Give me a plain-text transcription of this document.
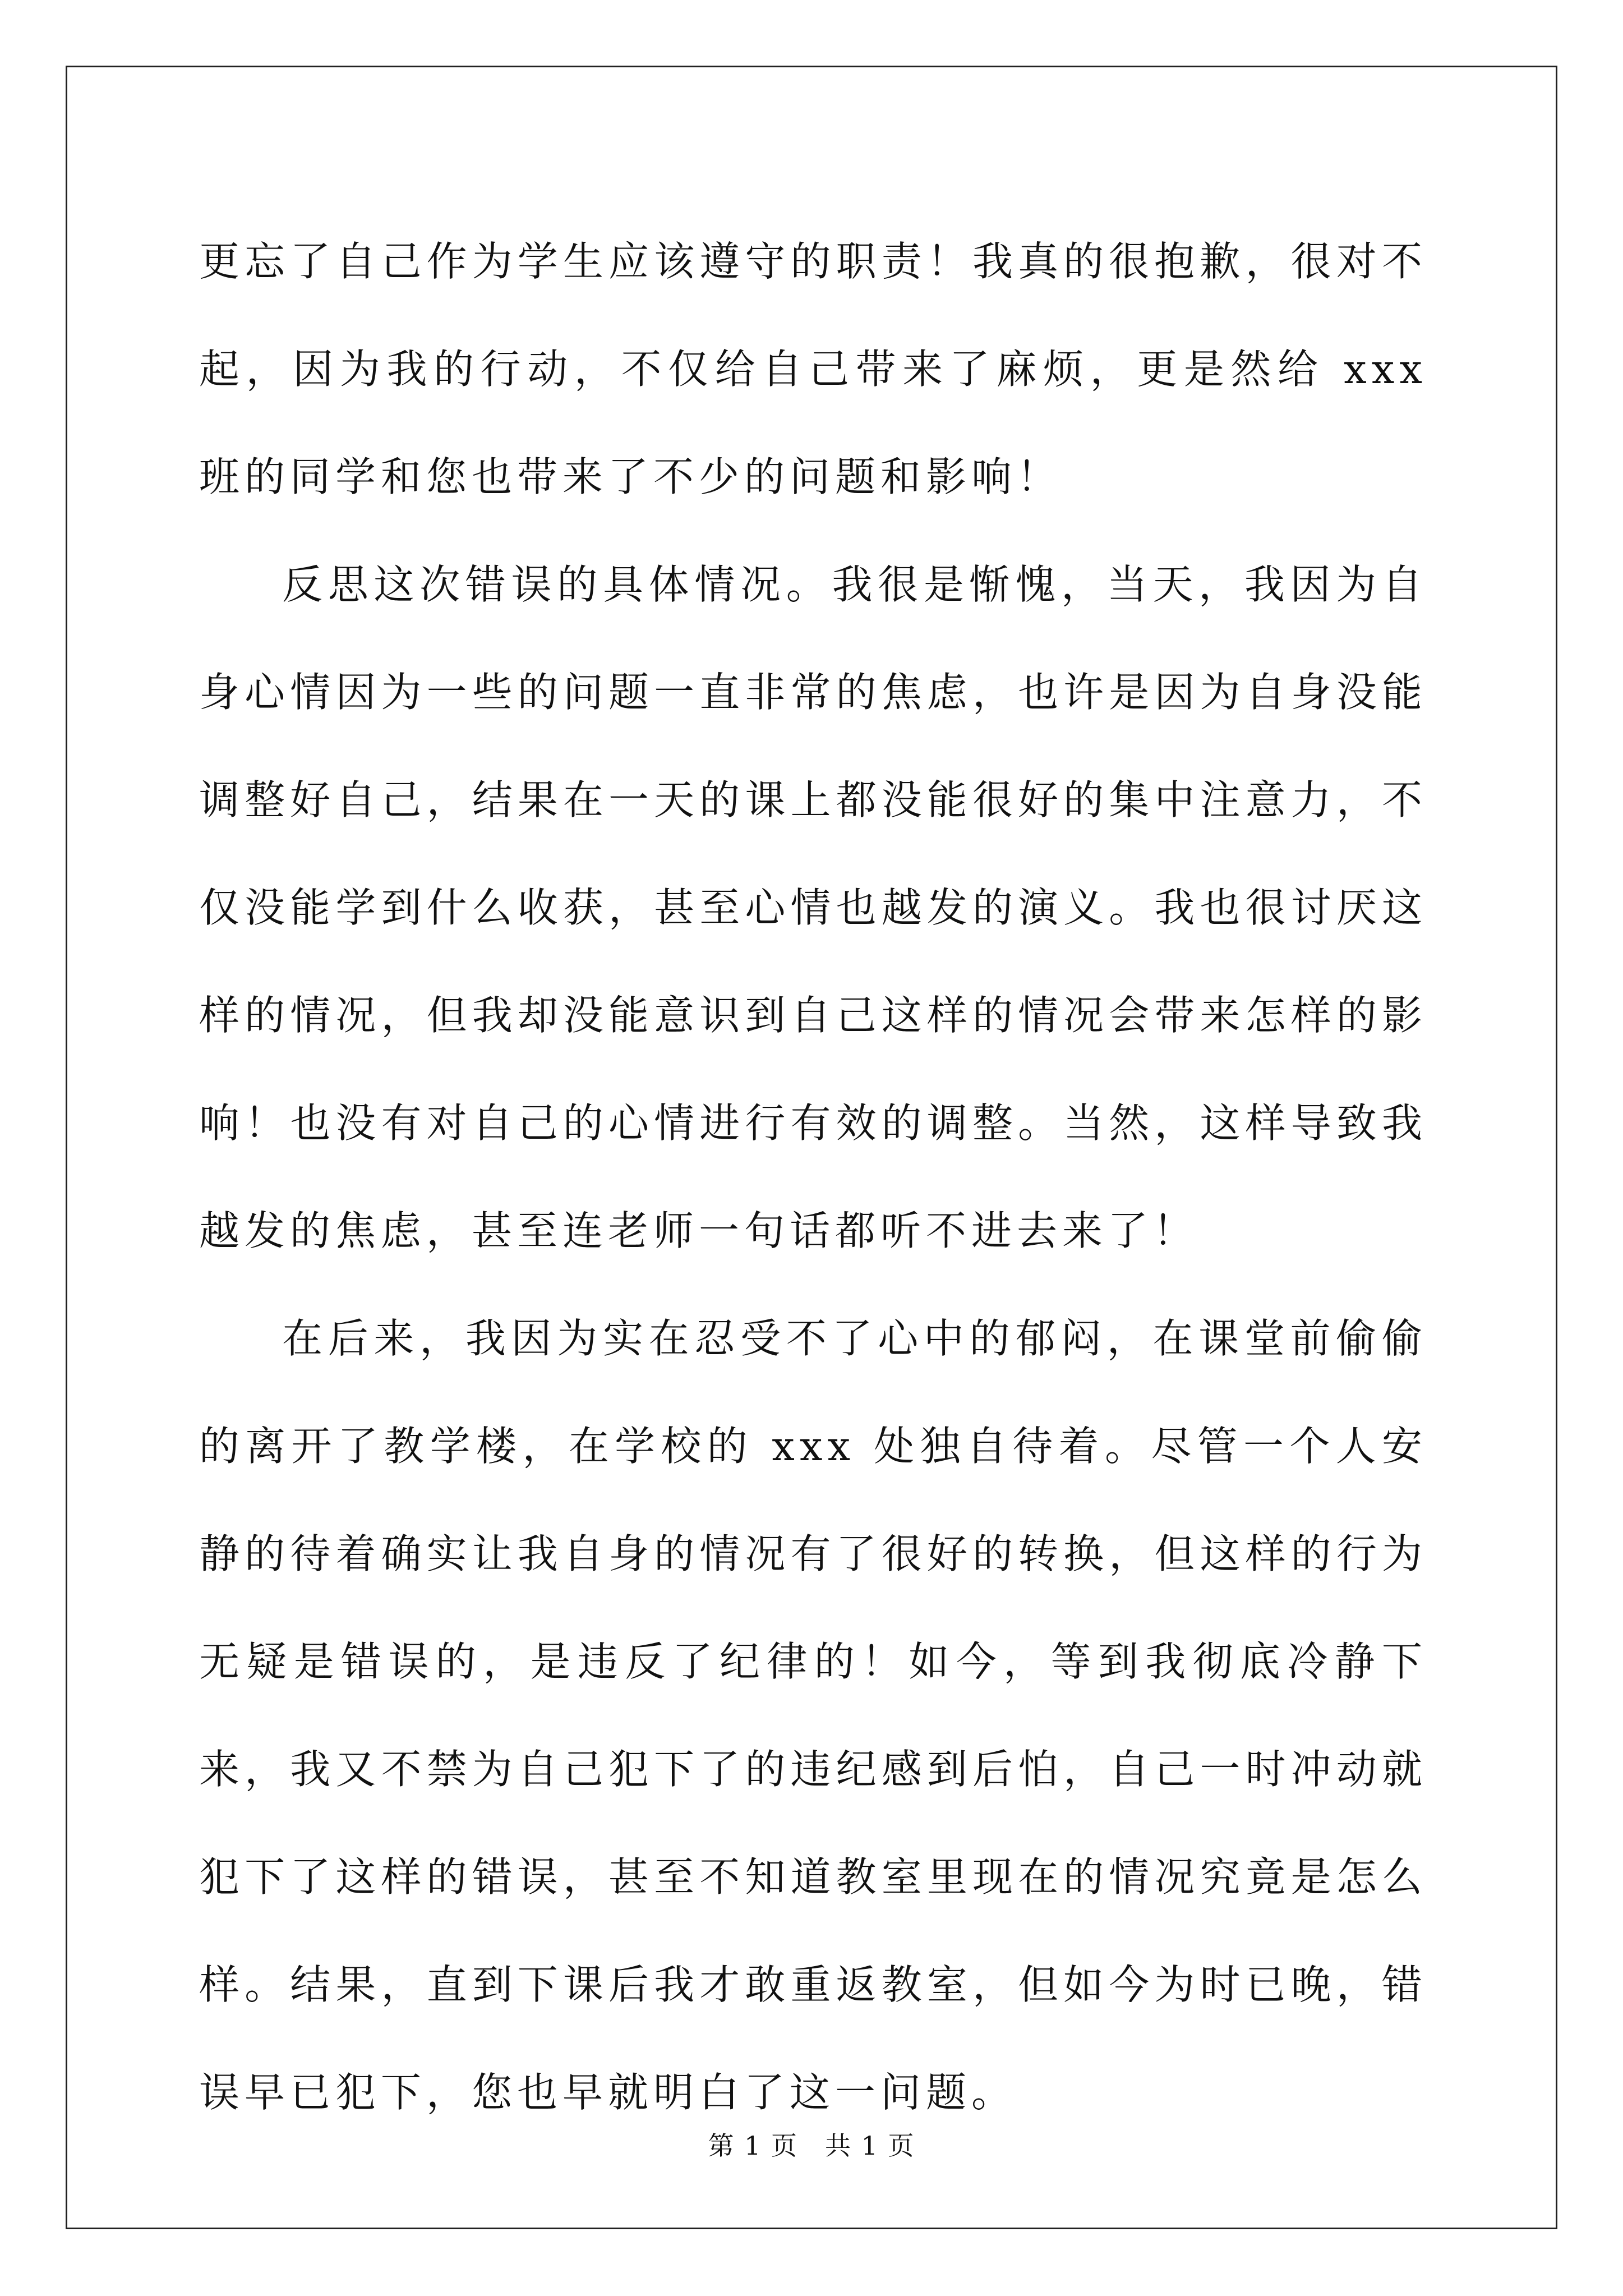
更忘了自己作为学生应该遵守的职责！我真的很抱歉，很对不起，因为我的行动，不仅给自己带来了麻烦，更是然给 xxx 班的同学和您也带来了不少的问题和影响！

反思这次错误的具体情况。我很是惭愧，当天，我因为自身心情因为一些的问题一直非常的焦虑，也许是因为自身没能调整好自己，结果在一天的课上都没能很好的集中注意力，不仅没能学到什么收获，甚至心情也越发的演义。我也很讨厌这样的情况，但我却没能意识到自己这样的情况会带来怎样的影响！也没有对自己的心情进行有效的调整。当然，这样导致我越发的焦虑，甚至连老师一句话都听不进去来了！

在后来，我因为实在忍受不了心中的郁闷，在课堂前偷偷的离开了教学楼，在学校的 xxx 处独自待着。尽管一个人安静的待着确实让我自身的情况有了很好的转换，但这样的行为无疑是错误的，是违反了纪律的！如今，等到我彻底冷静下来，我又不禁为自己犯下了的违纪感到后怕，自己一时冲动就犯下了这样的错误，甚至不知道教室里现在的情况究竟是怎么样。结果，直到下课后我才敢重返教室，但如今为时已晚，错误早已犯下，您也早就明白了这一问题。

第 1 页　共 1 页
